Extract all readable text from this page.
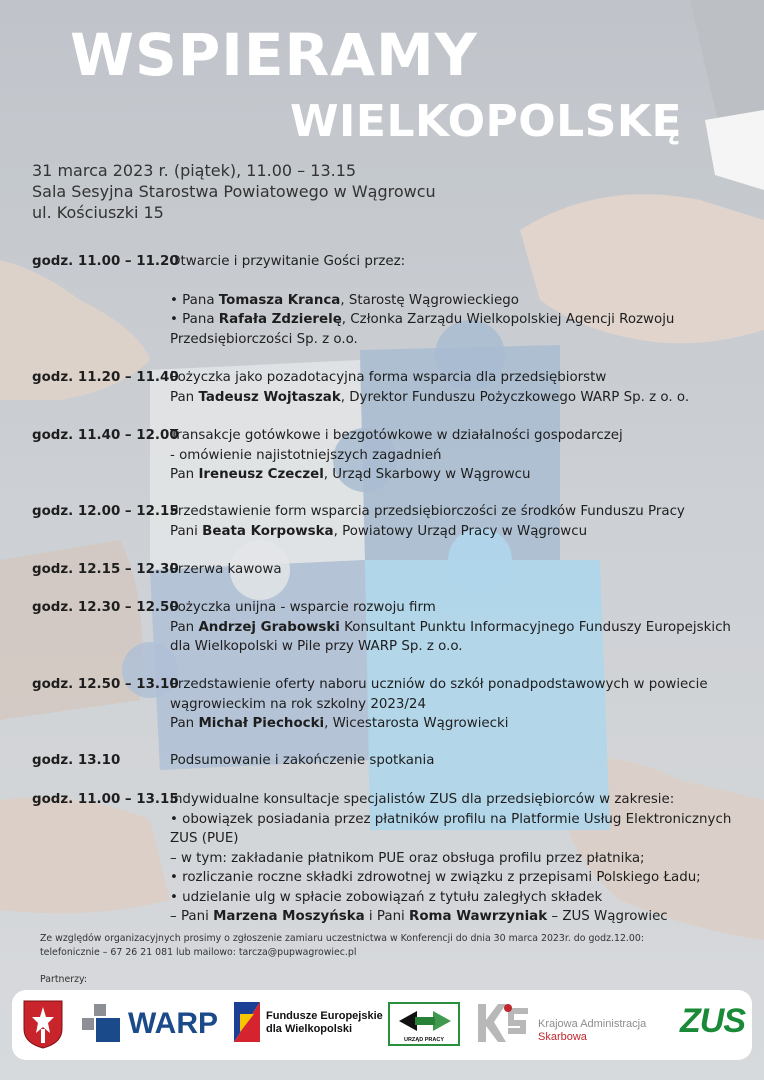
WSPIERAMY
WIELKOPOLSKĘ
31 marca 2023 r. (piątek), 11.00 – 13.15
Sala Sesyjna Starostwa Powiatowego w Wągrowcu
ul. Kościuszki 15
godz. 11.00 – 11.20
Otwarcie i przywitanie Gości przez:
• Pana Tomasza Kranca, Starostę Wągrowieckiego
• Pana Rafała Zdzierelę, Członka Zarządu Wielkopolskiej Agencji Rozwoju
Przedsiębiorczości Sp. z o.o.
godz. 11.20 – 11.40
Pożyczka jako pozadotacyjna forma wsparcia dla przedsiębiorstw
Pan Tadeusz Wojtaszak, Dyrektor Funduszu Pożyczkowego WARP Sp. z o. o.
godz. 11.40 – 12.00
Transakcje gotówkowe i bezgotówkowe w działalności gospodarczej
- omówienie najistotniejszych zagadnień
Pan Ireneusz Czeczel, Urząd Skarbowy w Wągrowcu
godz. 12.00 – 12.15
Przedstawienie form wsparcia przedsiębiorczości ze środków Funduszu Pracy
Pani Beata Korpowska, Powiatowy Urząd Pracy w Wągrowcu
godz. 12.15 – 12.30
Przerwa kawowa
godz. 12.30 – 12.50
Pożyczka unijna - wsparcie rozwoju firm
Pan Andrzej Grabowski Konsultant Punktu Informacyjnego Funduszy Europejskich
dla Wielkopolski w Pile przy WARP Sp. z o.o.
godz. 12.50 – 13.10
Przedstawienie oferty naboru uczniów do szkół ponadpodstawowych w powiecie
wągrowieckim na rok szkolny 2023/24
Pan Michał Piechocki, Wicestarosta Wągrowiecki
godz. 13.10	Podsumowanie i zakończenie spotkania
godz. 11.00 – 13.15
Indywidualne konsultacje specjalistów ZUS dla przedsiębiorców w zakresie:
• obowiązek posiadania przez płatników profilu na Platformie Usług Elektronicznych
ZUS (PUE)
– w tym: zakładanie płatnikom PUE oraz obsługa profilu przez płatnika;
• rozliczanie roczne składki zdrowotnej w związku z przepisami Polskiego Ładu;
• udzielanie ulg w spłacie zobowiązań z tytułu zaległych składek
– Pani Marzena Moszyńska i Pani Roma Wawrzyniak – ZUS Wągrowiec
Ze względów organizacyjnych prosimy o zgłoszenie zamiaru uczestnictwa w Konferencji do dnia 30 marca 2023r. do godz.12.00:
telefonicznie – 67 26 21 081 lub mailowo: tarcza@pupwagrowiec.pl
Partnerzy:
WARP	Fundusze Europejskie
dla Wielkopolski
URZĄD PRACY
Krajowa Administracja
Skarbowa	ZUS
